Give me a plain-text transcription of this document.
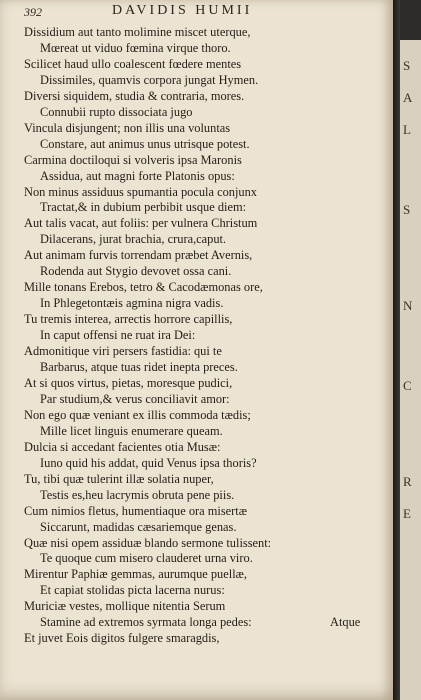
392	DAVIDIS HUMII
Dissidium aut tanto molimine miscet uterque,
Mœreat ut viduo fœmina virque thoro.
Scilicet haud ullo coalescent fœdere mentes
Dissimiles, quamvis corpora jungat Hymen.
Diversi siquidem, studia & contraria, mores.
Connubii rupto dissociata jugo
Vincula disjungent; non illis una voluntas
Constare, aut animus unus utrisque potest.
Carmina doctiloqui si volveris ipsa Maronis
Assidua, aut magni forte Platonis opus:
Non minus assiduus spumantia pocula conjunx
Tractat,& in dubium perbibit usque diem:
Aut talis vacat, aut foliis: per vulnera Christum
Dilacerans, jurat brachia, crura,caput.
Aut animam furvis torrendam præbet Avernis,
Rodenda aut Stygio devovet ossa cani.
Mille tonans Erebos, tetro & Cacodæmonas ore,
In Phlegetontæis agmina nigra vadis.
Tu tremis interea, arrectis horrore capillis,
In caput offensi ne ruat ira Dei:
Admonitique viri persers fastidia: qui te
Barbarus, atque tuas ridet inepta preces.
At si quos virtus, pietas, moresque pudici,
Par studium,& verus conciliavit amor:
Non ego quæ veniant ex illis commoda tædis;
Mille licet linguis enumerare queam.
Dulcia si accedant facientes otia Musæ:
Iuno quid his addat, quid Venus ipsa thoris?
Tu, tibi quæ tulerint illæ solatia nuper,
Testis es,heu lacrymis obruta pene piis.
Cum nimios fletus, humentiaque ora misertæ
Siccarunt, madidas cæsariemque genas.
Quæ nisi opem assiduæ blando sermone tulissent:
Te quoque cum misero clauderet urna viro.
Mirentur Paphiæ gemmas, aurumque puellæ,
Et capiat stolidas picta lacerna nurus:
Muriciæ vestes, mollique nitentia Serum
Stamine ad extremos syrmata longa pedes:
Et juvet Eois digitos fulgere smaragdis,
Atque
S
A
L
S
N
C
R
E
